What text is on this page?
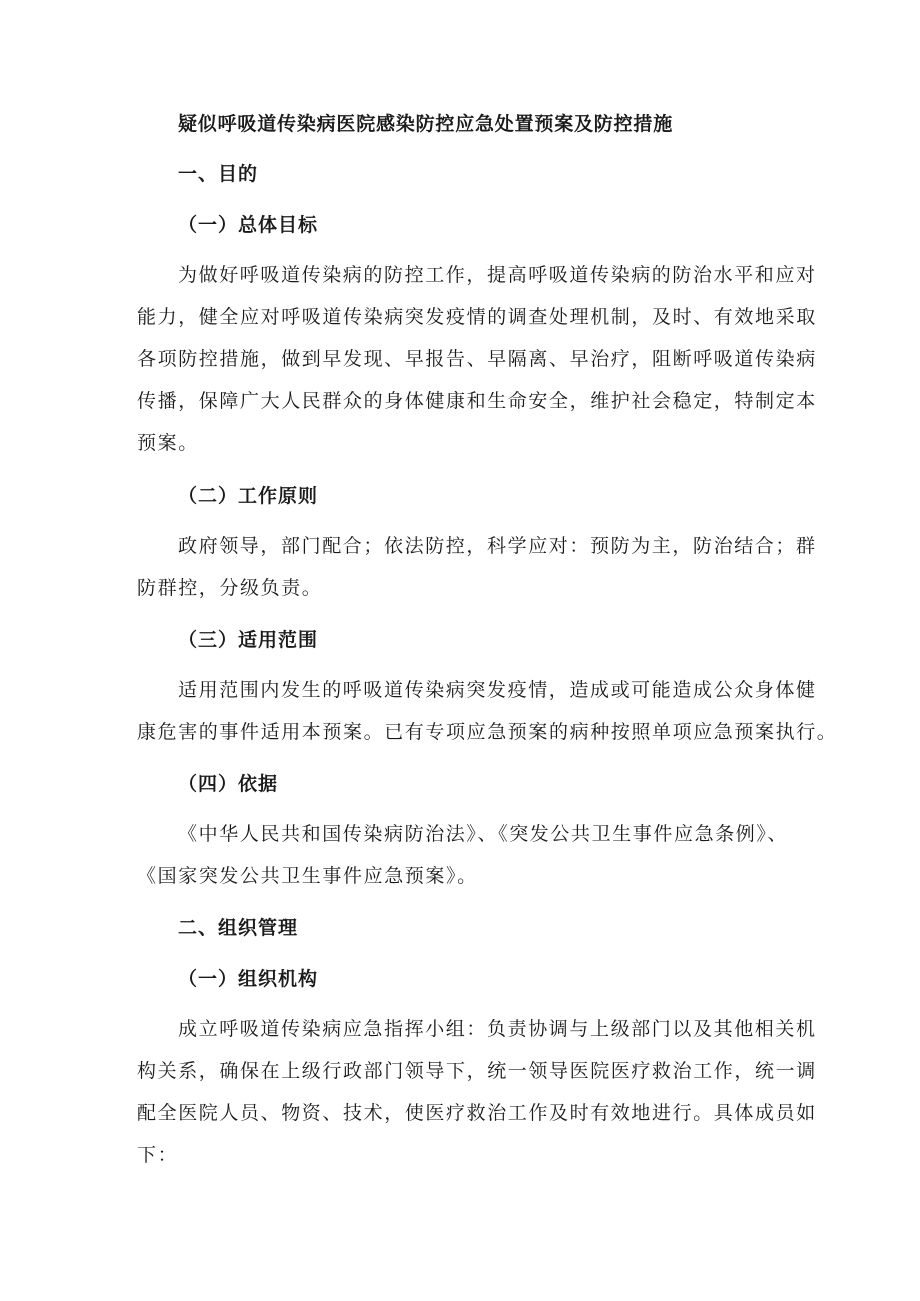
疑似呼吸道传染病医院感染防控应急处置预案及防控措施
一、目的
（一）总体目标
为做好呼吸道传染病的防控工作，提高呼吸道传染病的防治水平和应对
能力，健全应对呼吸道传染病突发疫情的调查处理机制，及时、有效地采取
各项防控措施，做到早发现、早报告、早隔离、早治疗，阻断呼吸道传染病
传播，保障广大人民群众的身体健康和生命安全，维护社会稳定，特制定本
预案。
（二）工作原则
政府领导，部门配合；依法防控，科学应对：预防为主，防治结合；群
防群控，分级负责。
（三）适用范围
适用范围内发生的呼吸道传染病突发疫情，造成或可能造成公众身体健
康危害的事件适用本预案。已有专项应急预案的病种按照单项应急预案执行。
（四）依据
《中华人民共和国传染病防治法》、《突发公共卫生事件应急条例》、
《国家突发公共卫生事件应急预案》。
二、组织管理
（一）组织机构
成立呼吸道传染病应急指挥小组：负责协调与上级部门以及其他相关机
构关系，确保在上级行政部门领导下，统一领导医院医疗救治工作，统一调
配全医院人员、物资、技术，使医疗救治工作及时有效地进行。具体成员如
下：
